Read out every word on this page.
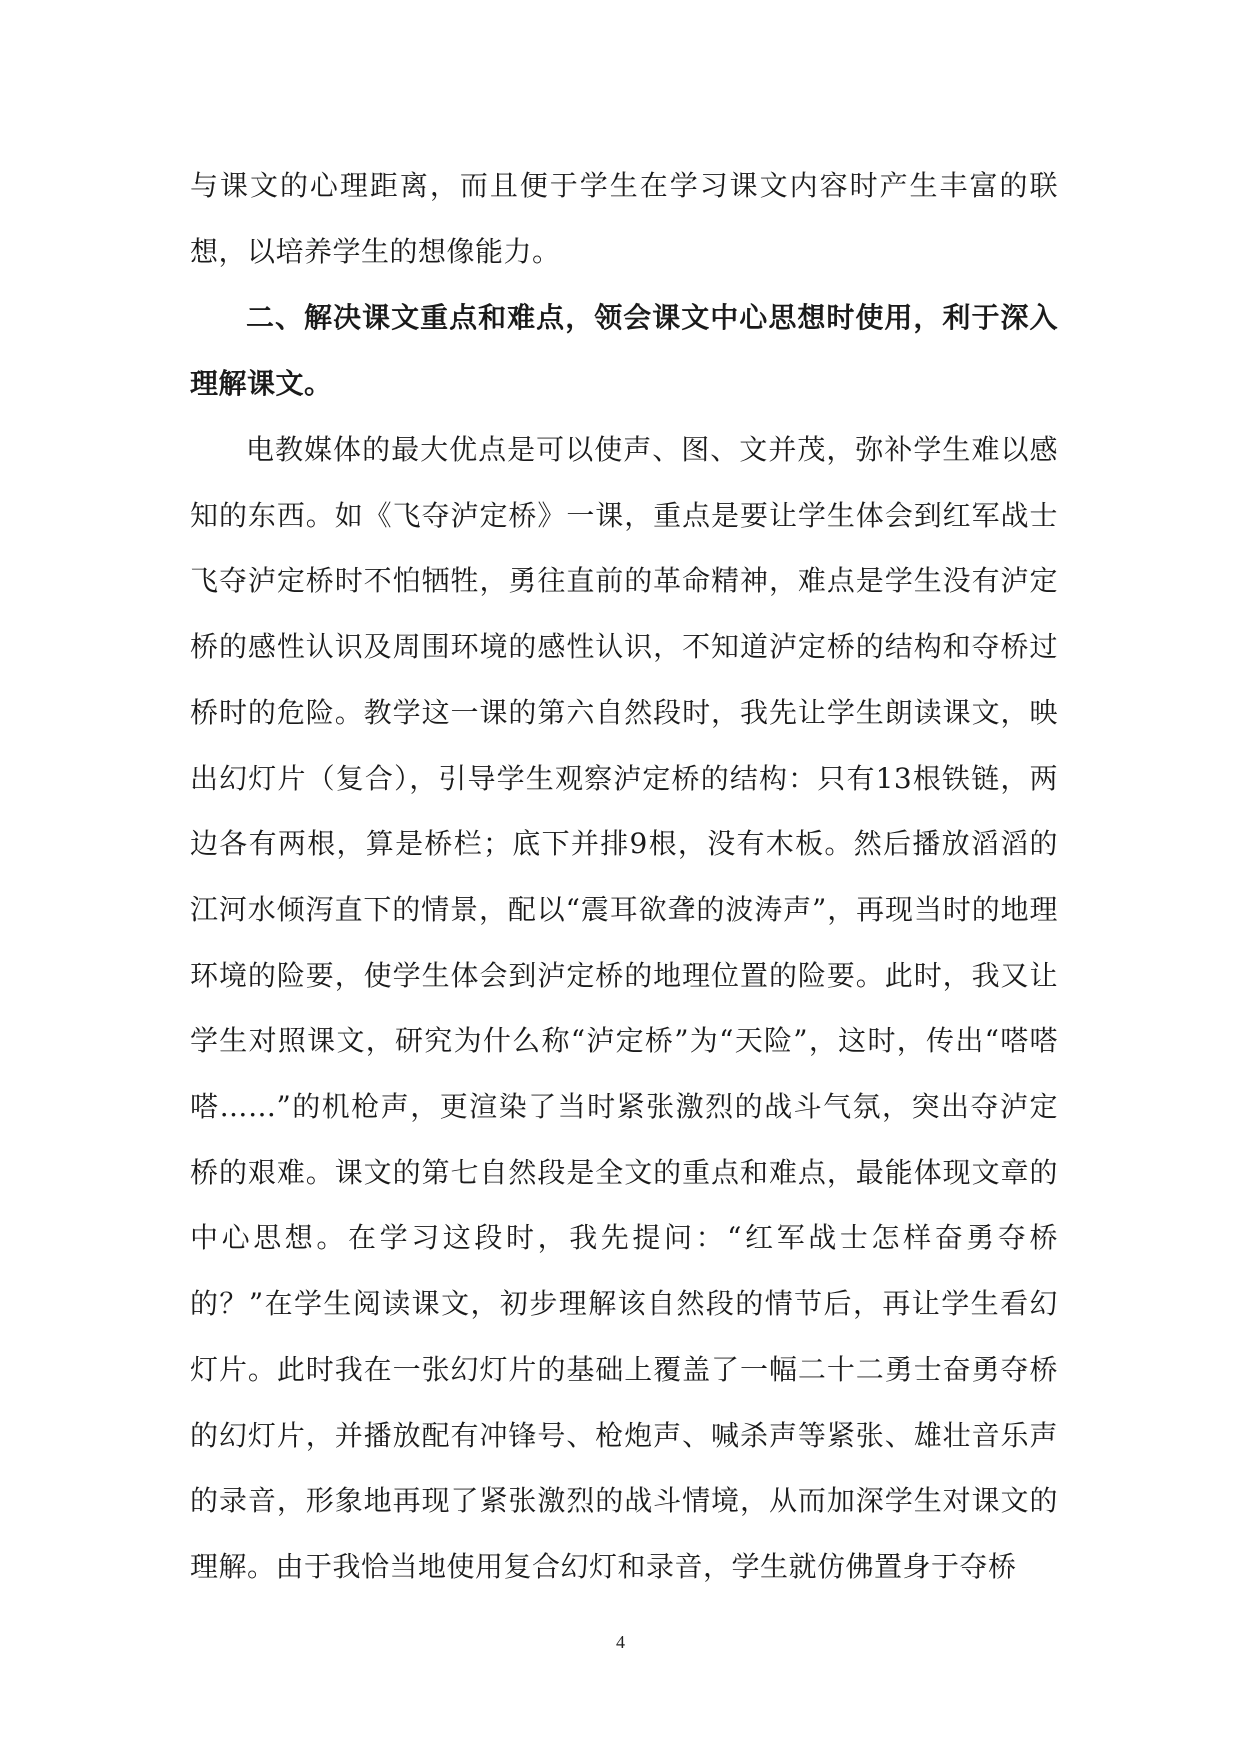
与课文的心理距离，而且便于学生在学习课文内容时产生丰富的联想，以培养学生的想像能力。
二、解决课文重点和难点，领会课文中心思想时使用，利于深入理解课文。
电教媒体的最大优点是可以使声、图、文并茂，弥补学生难以感知的东西。如《飞夺泸定桥》一课，重点是要让学生体会到红军战士飞夺泸定桥时不怕牺牲，勇往直前的革命精神，难点是学生没有泸定桥的感性认识及周围环境的感性认识，不知道泸定桥的结构和夺桥过桥时的危险。教学这一课的第六自然段时，我先让学生朗读课文，映出幻灯片（复合），引导学生观察泸定桥的结构：只有13根铁链，两边各有两根，算是桥栏；底下并排9根，没有木板。然后播放滔滔的江河水倾泻直下的情景，配以“震耳欲聋的波涛声”，再现当时的地理环境的险要，使学生体会到泸定桥的地理位置的险要。此时，我又让学生对照课文，研究为什么称“泸定桥”为“天险”，这时，传出“嗒嗒嗒……”的机枪声，更渲染了当时紧张激烈的战斗气氛，突出夺泸定桥的艰难。课文的第七自然段是全文的重点和难点，最能体现文章的中心思想。在学习这段时，我先提问：“红军战士怎样奋勇夺桥的？”在学生阅读课文，初步理解该自然段的情节后，再让学生看幻灯片。此时我在一张幻灯片的基础上覆盖了一幅二十二勇士奋勇夺桥的幻灯片，并播放配有冲锋号、枪炮声、喊杀声等紧张、雄壮音乐声的录音，形象地再现了紧张激烈的战斗情境，从而加深学生对课文的理解。由于我恰当地使用复合幻灯和录音，学生就仿佛置身于夺桥
4
